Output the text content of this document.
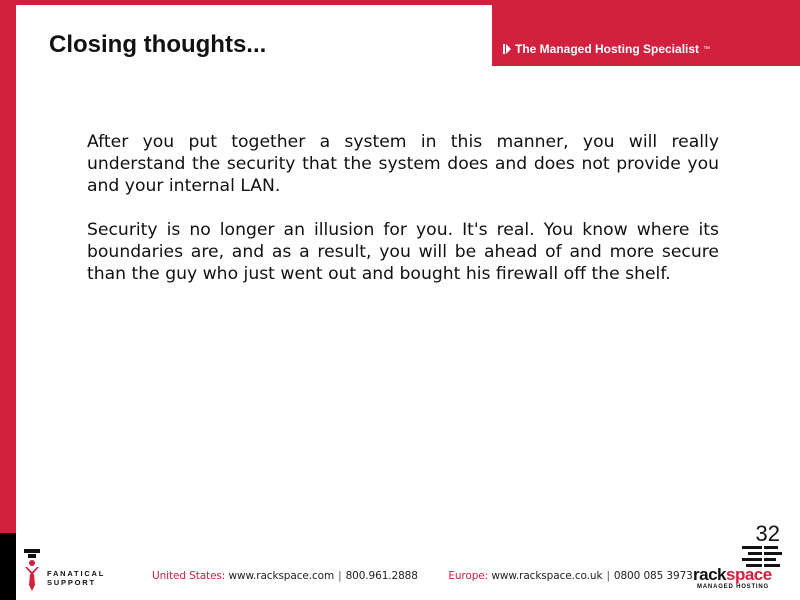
The Managed Hosting Specialist ™
Closing thoughts...

After you put together a system in this manner, you will really understand the security that the system does and does not provide you and your internal LAN.

Security is no longer an illusion for you. It's real. You know where its boundaries are, and as a result, you will be ahead of and more secure than the guy who just went out and bought his firewall off the shelf.

32
FANATICAL
SUPPORT
United States: www.rackspace.com | 800.961.2888	Europe: www.rackspace.co.uk | 0800 085 3973 rackspace
MANAGED HOSTING
